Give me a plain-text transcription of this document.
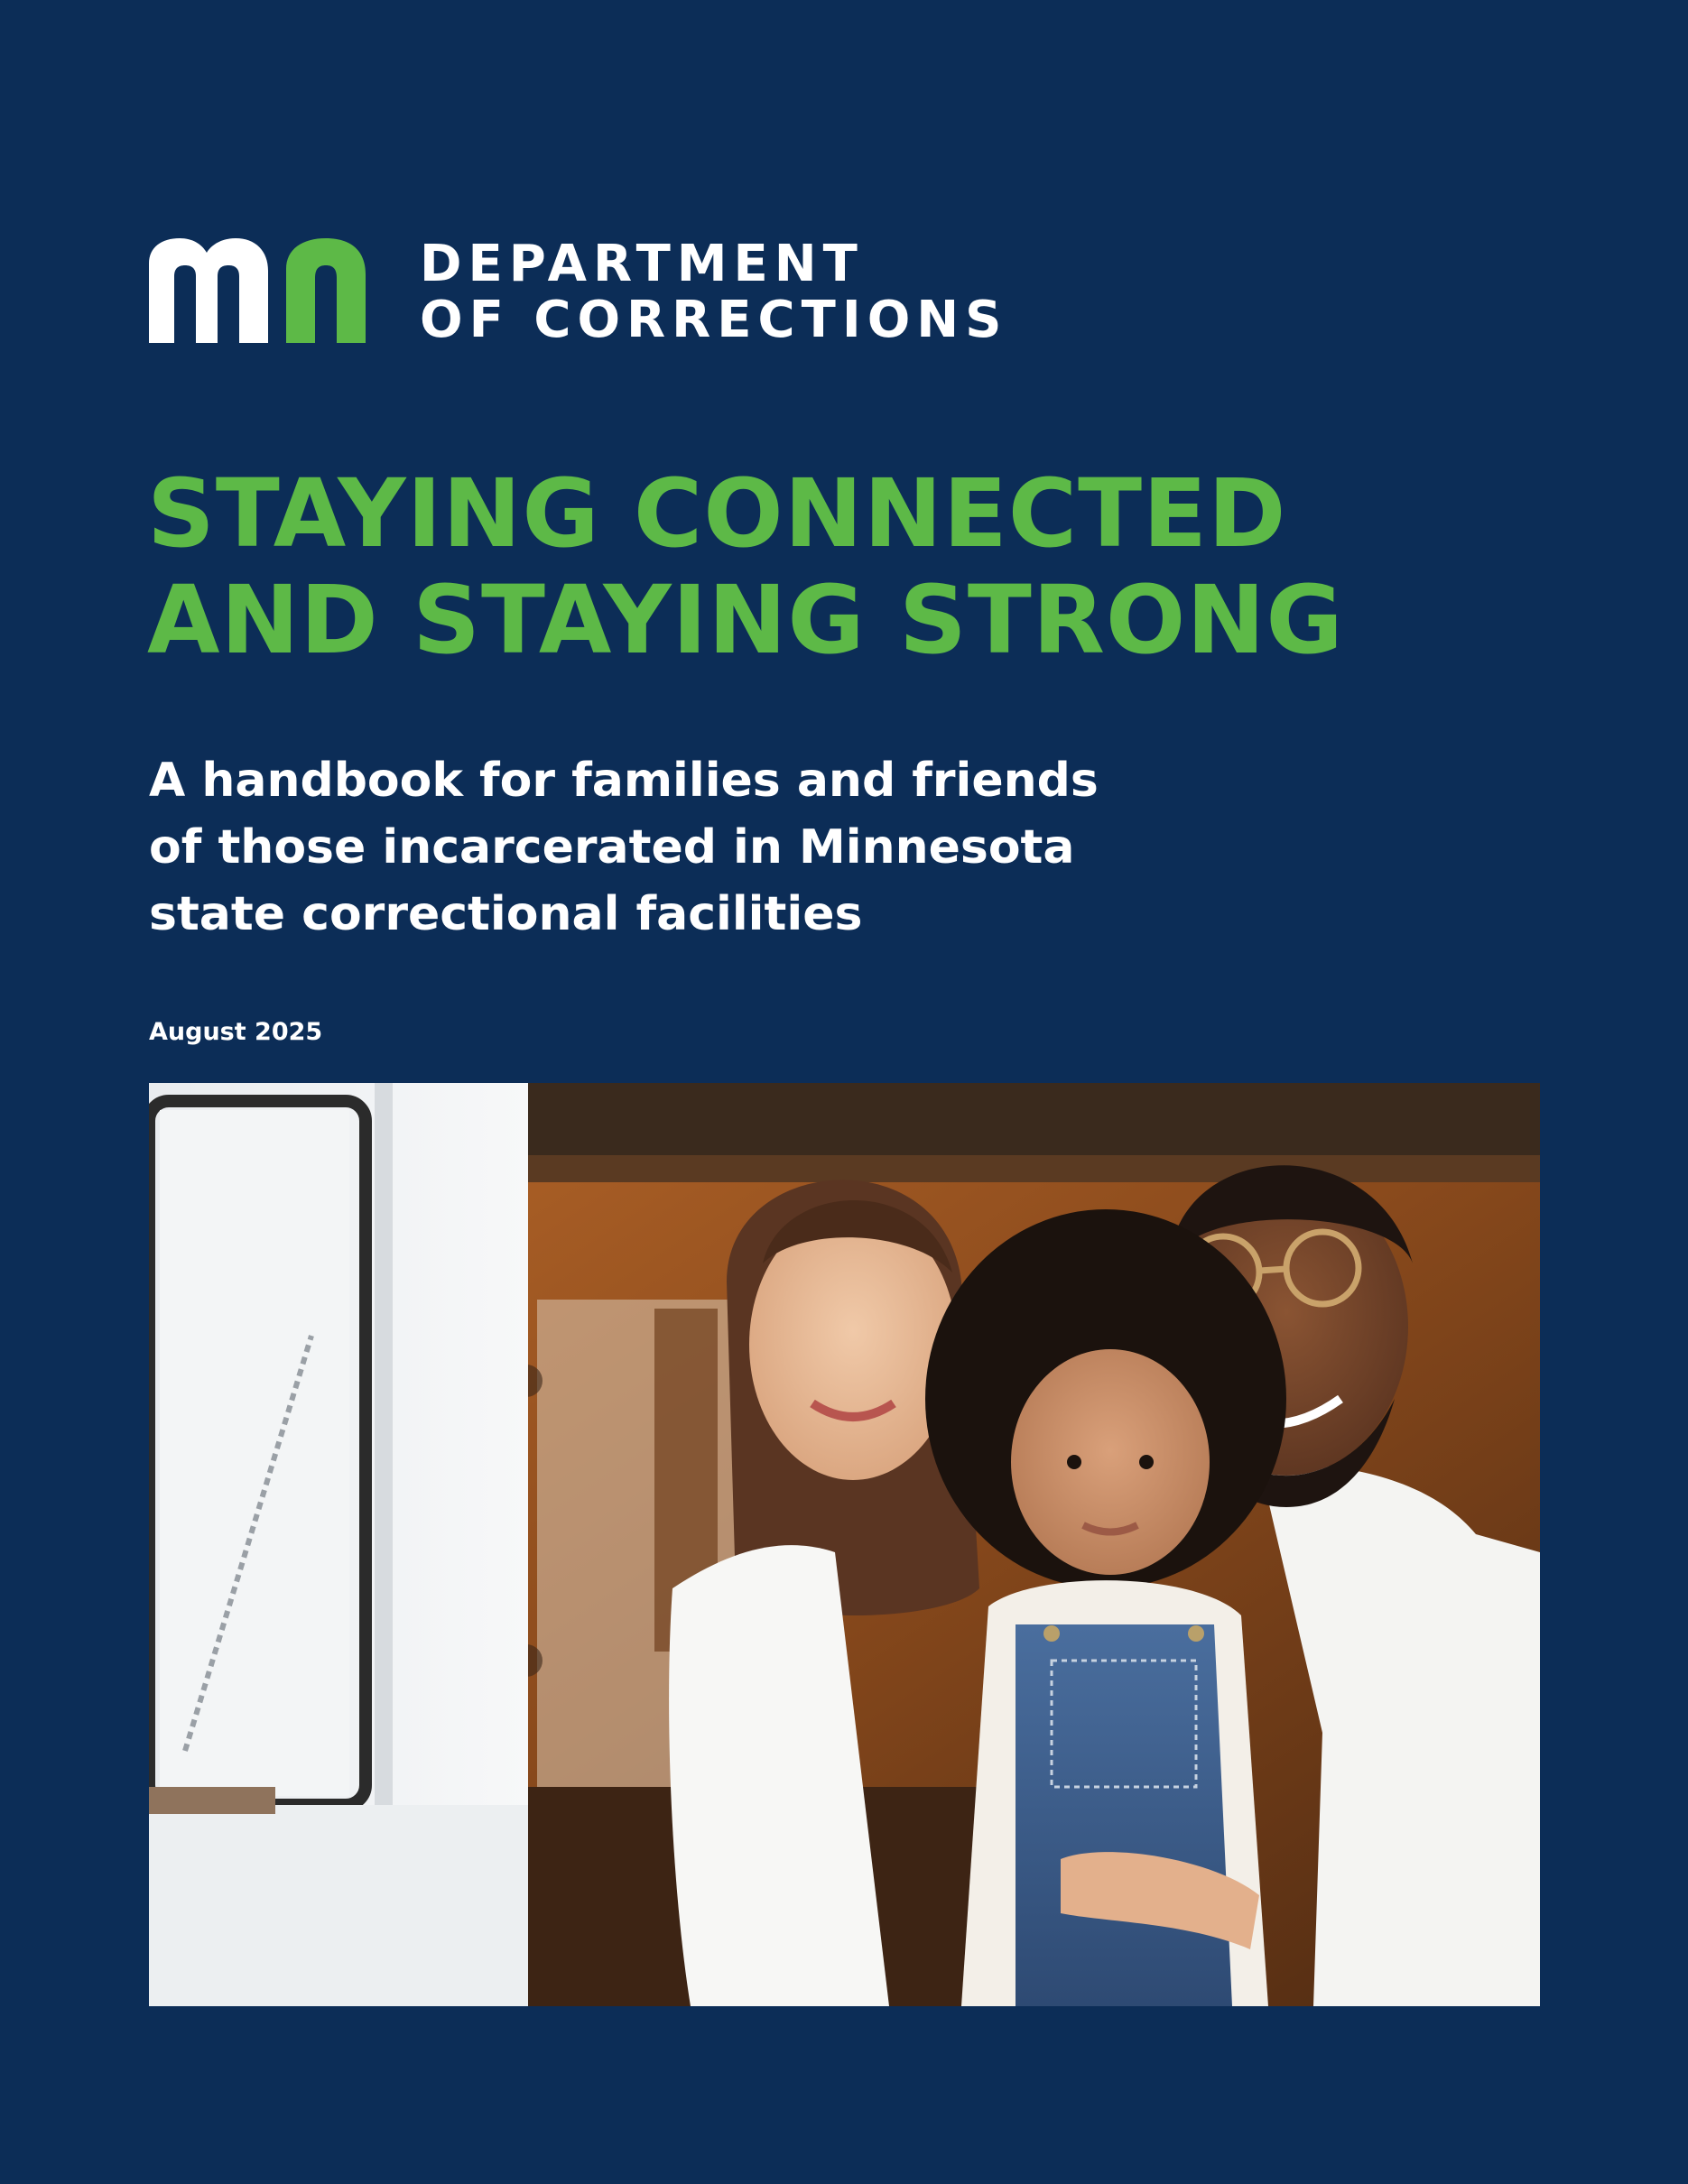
DEPARTMENT
OF CORRECTIONS
STAYING CONNECTED
AND STAYING STRONG
A handbook for families and friends
of those incarcerated in Minnesota
state correctional facilities
August 2025
